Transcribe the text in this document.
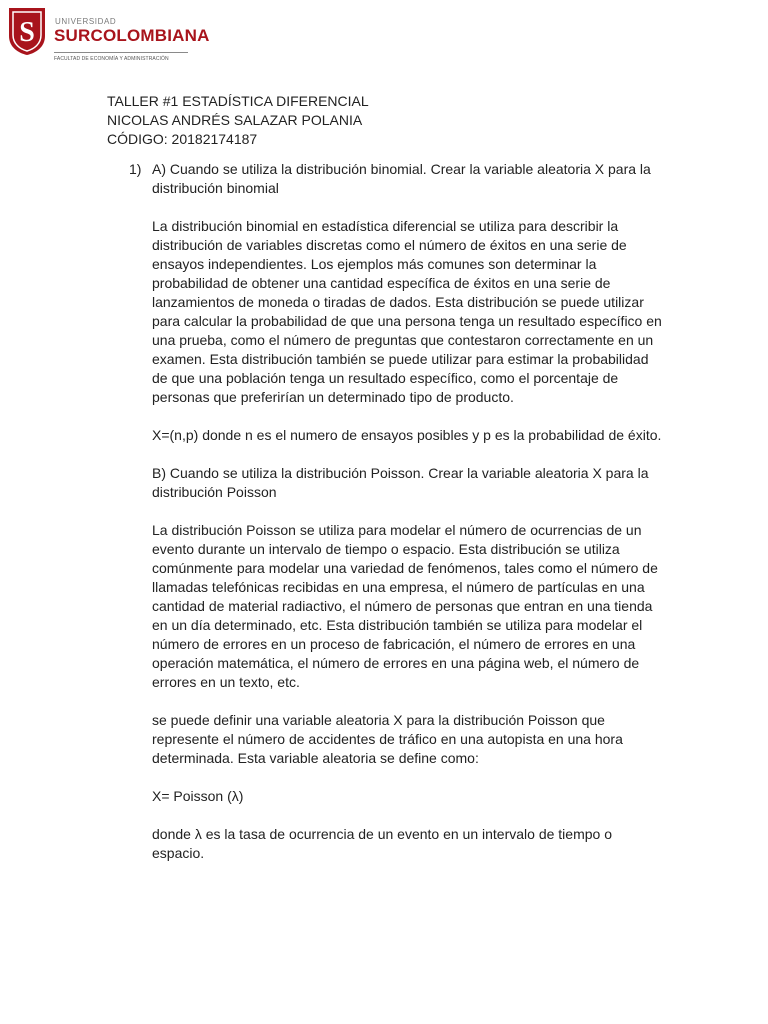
S	UNIVERSIDAD
SURCOLOMBIANA
FACULTAD DE ECONOMÍA Y ADMINISTRACIÓN
TALLER #1 ESTADÍSTICA DIFERENCIAL
NICOLAS ANDRÉS SALAZAR POLANIA
CÓDIGO: 20182174187
1) A) Cuando se utiliza la distribución binomial. Crear la variable aleatoria X para la distribución binomial

La distribución binomial en estadística diferencial se utiliza para describir la distribución de variables discretas como el número de éxitos en una serie de ensayos independientes. Los ejemplos más comunes son determinar la probabilidad de obtener una cantidad específica de éxitos en una serie de lanzamientos de moneda o tiradas de dados. Esta distribución se puede utilizar para calcular la probabilidad de que una persona tenga un resultado específico en una prueba, como el número de preguntas que contestaron correctamente en un examen. Esta distribución también se puede utilizar para estimar la probabilidad de que una población tenga un resultado específico, como el porcentaje de personas que preferirían un determinado tipo de producto.

X=(n,p) donde n es el numero de ensayos posibles y p es la probabilidad de éxito.

B) Cuando se utiliza la distribución Poisson. Crear la variable aleatoria X para la distribución Poisson

La distribución Poisson se utiliza para modelar el número de ocurrencias de un evento durante un intervalo de tiempo o espacio. Esta distribución se utiliza comúnmente para modelar una variedad de fenómenos, tales como el número de llamadas telefónicas recibidas en una empresa, el número de partículas en una cantidad de material radiactivo, el número de personas que entran en una tienda en un día determinado, etc. Esta distribución también se utiliza para modelar el número de errores en un proceso de fabricación, el número de errores en una operación matemática, el número de errores en una página web, el número de errores en un texto, etc.

se puede definir una variable aleatoria X para la distribución Poisson que represente el número de accidentes de tráfico en una autopista en una hora determinada. Esta variable aleatoria se define como:

X= Poisson (λ)

donde λ es la tasa de ocurrencia de un evento en un intervalo de tiempo o espacio.
